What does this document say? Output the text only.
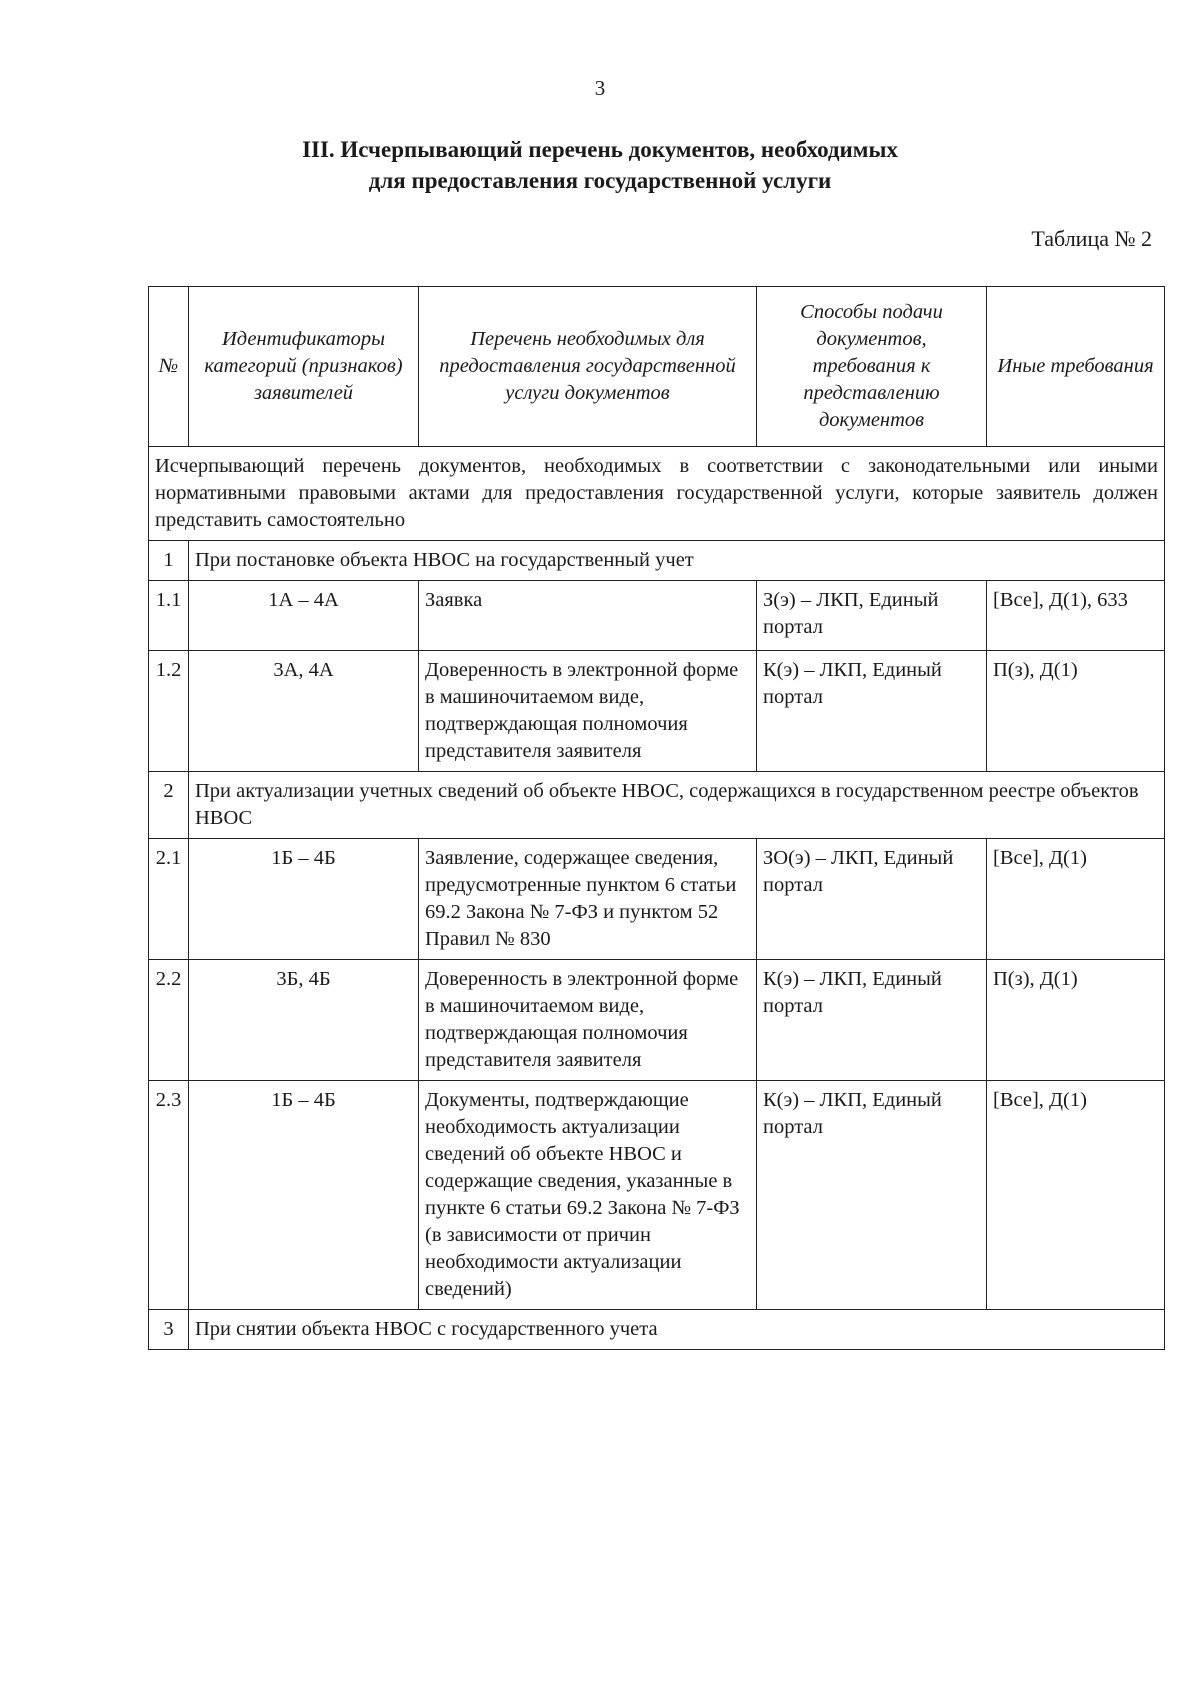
3
III. Исчерпывающий перечень документов, необходимых
для предоставления государственной услуги
Таблица № 2
№	Идентификаторы категорий (признаков) заявителей	Перечень необходимых для предоставления государственной услуги документов	Способы подачи документов, требования к представлению документов	Иные требования
Исчерпывающий перечень документов, необходимых в соответствии с законодательными или иными нормативными правовыми актами для предоставления государственной услуги, которые заявитель должен представить самостоятельно				
1	При постановке объекта НВОС на государственный учет			
1.1	1А – 4А	Заявка	З(э) – ЛКП, Единый портал	[Все], Д(1), 633
1.2	3А, 4А	Доверенность в электронной форме в машиночитаемом виде, подтверждающая полномочия представителя заявителя	К(э) – ЛКП, Единый портал	П(з), Д(1)
2	При актуализации учетных сведений об объекте НВОС, содержащихся в государственном реестре объектов НВОС			
2.1	1Б – 4Б	Заявление, содержащее сведения, предусмотренные пунктом 6 статьи 69.2 Закона № 7-ФЗ и пунктом 52 Правил № 830	ЗО(э) – ЛКП, Единый портал	[Все], Д(1)
2.2	3Б, 4Б	Доверенность в электронной форме в машиночитаемом виде, подтверждающая полномочия представителя заявителя	К(э) – ЛКП, Единый портал	П(з), Д(1)
2.3	1Б – 4Б	Документы, подтверждающие необходимость актуализации сведений об объекте НВОС и содержащие сведения, указанные в пункте 6 статьи 69.2 Закона № 7-ФЗ (в зависимости от причин необходимости актуализации сведений)	К(э) – ЛКП, Единый портал	[Все], Д(1)
3	При снятии объекта НВОС с государственного учета			
